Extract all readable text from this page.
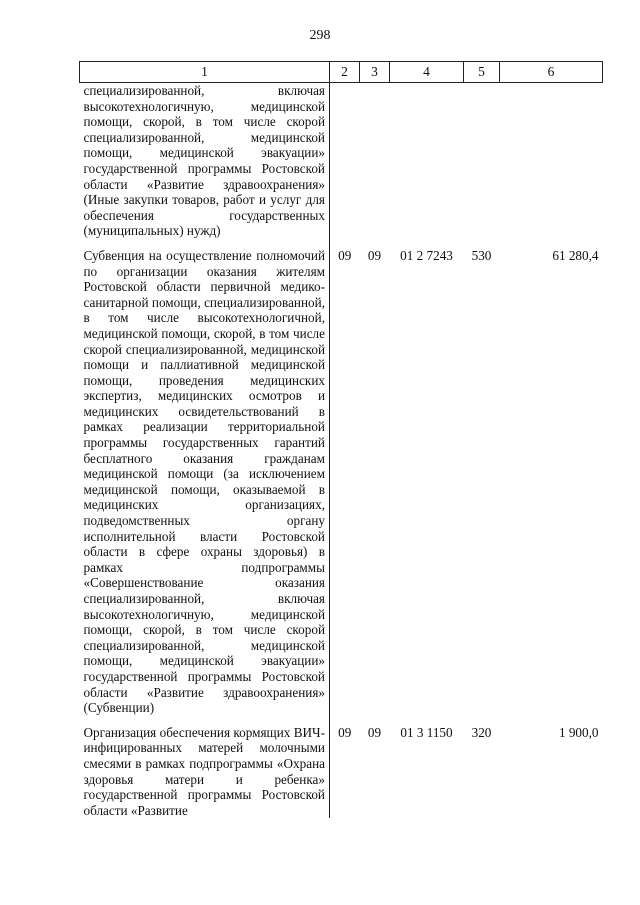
298
1	2	3	4	5	6
специализированной, включая высокотехнологичную, медицинской помощи, скорой, в том числе скорой специализированной, медицинской помощи, медицинской эвакуации» государственной программы Ростовской области «Развитие здравоохранения» (Иные закупки товаров, работ и услуг для обеспечения государственных (муниципальных) нужд)					

Субвенция на осуществление полномочий по организации оказания жителям Ростовской области первичной медико-санитарной помощи, специализированной, в том числе высокотехнологичной, медицинской помощи, скорой, в том числе скорой специализированной, медицинской помощи и паллиативной медицинской помощи, проведения медицинских экспертиз, медицинских осмотров и медицинских освидетельствований в рамках реализации территориальной программы государственных гарантий бесплатного оказания гражданам медицинской помощи (за исключением медицинской помощи, оказываемой в медицинских организациях, подведомственных органу исполнительной власти Ростовской области в сфере охраны здоровья) в рамках подпрограммы «Совершенствование оказания специализированной, включая высокотехнологичную, медицинской помощи, скорой, в том числе скорой специализированной, медицинской помощи, медицинской эвакуации» государственной программы Ростовской области «Развитие здравоохранения» (Субвенции)	09	09	01 2 7243	530	61 280,4

Организация обеспечения кормящих ВИЧ-инфицированных матерей молочными смесями в рамках подпрограммы «Охрана здоровья матери и ребенка» государственной программы Ростовской области «Развитие	09	09	01 3 1150	320	1 900,0
